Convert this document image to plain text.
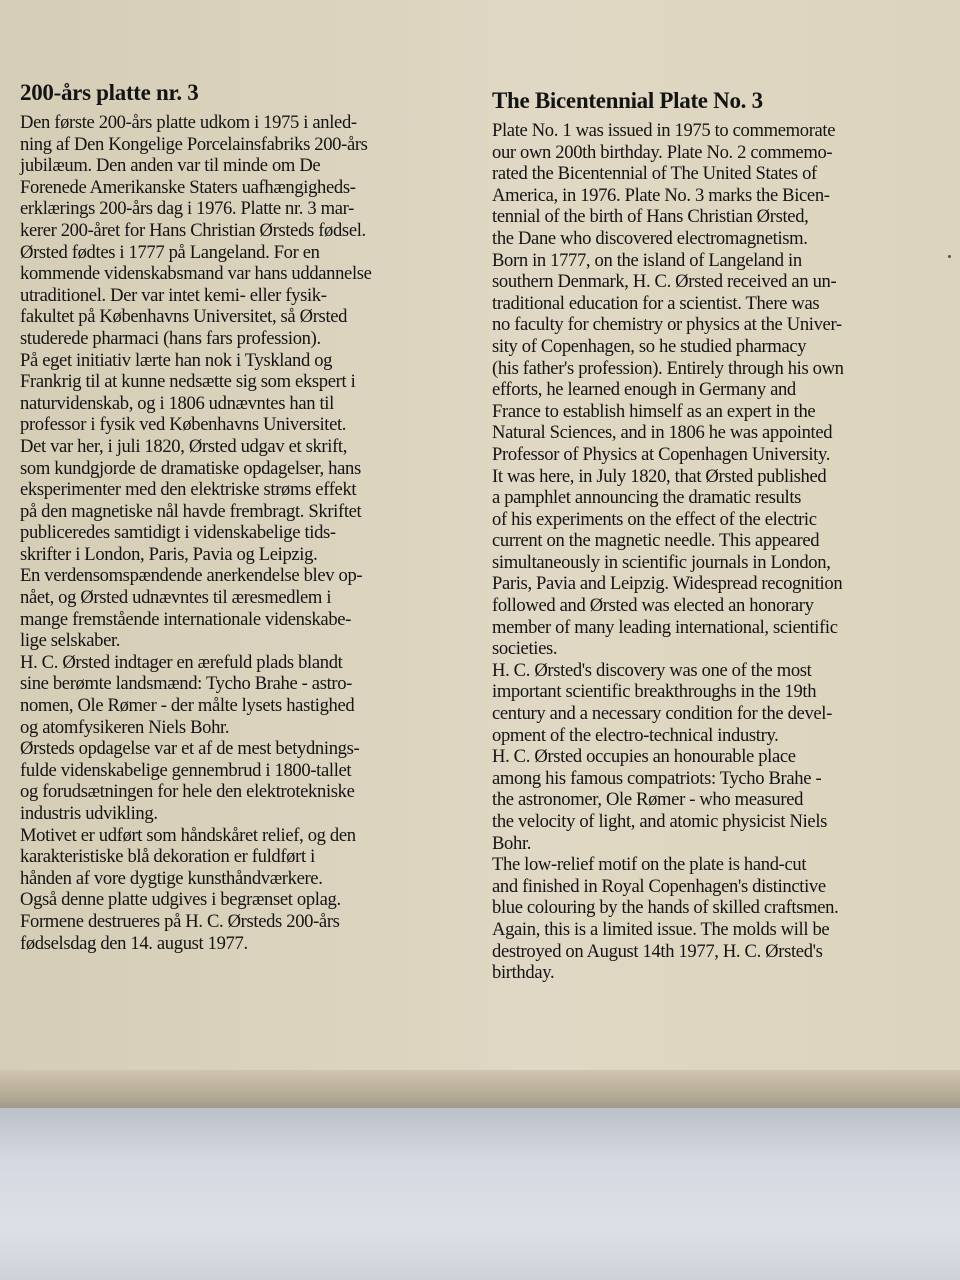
200-års platte nr. 3

Den første 200-års platte udkom i 1975 i anled-
ning af Den Kongelige Porcelainsfabriks 200-års
jubilæum. Den anden var til minde om De
Forenede Amerikanske Staters uafhængigheds-
erklærings 200-års dag i 1976. Platte nr. 3 mar-
kerer 200-året for Hans Christian Ørsteds fødsel.
Ørsted fødtes i 1777 på Langeland. For en
kommende videnskabsmand var hans uddannelse
utraditionel. Der var intet kemi- eller fysik-
fakultet på Københavns Universitet, så Ørsted
studerede pharmaci (hans fars profession).
På eget initiativ lærte han nok i Tyskland og
Frankrig til at kunne nedsætte sig som ekspert i
naturvidenskab, og i 1806 udnævntes han til
professor i fysik ved Københavns Universitet.
Det var her, i juli 1820, Ørsted udgav et skrift,
som kundgjorde de dramatiske opdagelser, hans
eksperimenter med den elektriske strøms effekt
på den magnetiske nål havde frembragt. Skriftet
publiceredes samtidigt i videnskabelige tids-
skrifter i London, Paris, Pavia og Leipzig.
En verdensomspændende anerkendelse blev op-
nået, og Ørsted udnævntes til æresmedlem i
mange fremstående internationale videnskabe-
lige selskaber.
H. C. Ørsted indtager en ærefuld plads blandt
sine berømte landsmænd: Tycho Brahe - astro-
nomen, Ole Rømer - der målte lysets hastighed
og atomfysikeren Niels Bohr.
Ørsteds opdagelse var et af de mest betydnings-
fulde videnskabelige gennembrud i 1800-tallet
og forudsætningen for hele den elektrotekniske
industris udvikling.
Motivet er udført som håndskåret relief, og den
karakteristiske blå dekoration er fuldført i
hånden af vore dygtige kunsthåndværkere.
Også denne platte udgives i begrænset oplag.
Formene destrueres på H. C. Ørsteds 200-års
fødselsdag den 14. august 1977.

The Bicentennial Plate No. 3

Plate No. 1 was issued in 1975 to commemorate
our own 200th birthday. Plate No. 2 commemo-
rated the Bicentennial of The United States of
America, in 1976. Plate No. 3 marks the Bicen-
tennial of the birth of Hans Christian Ørsted,
the Dane who discovered electromagnetism.
Born in 1777, on the island of Langeland in
southern Denmark, H. C. Ørsted received an un-
traditional education for a scientist. There was
no faculty for chemistry or physics at the Univer-
sity of Copenhagen, so he studied pharmacy
(his father's profession). Entirely through his own
efforts, he learned enough in Germany and
France to establish himself as an expert in the
Natural Sciences, and in 1806 he was appointed
Professor of Physics at Copenhagen University.
It was here, in July 1820, that Ørsted published
a pamphlet announcing the dramatic results
of his experiments on the effect of the electric
current on the magnetic needle. This appeared
simultaneously in scientific journals in London,
Paris, Pavia and Leipzig. Widespread recognition
followed and Ørsted was elected an honorary
member of many leading international, scientific
societies.
H. C. Ørsted's discovery was one of the most
important scientific breakthroughs in the 19th
century and a necessary condition for the devel-
opment of the electro-technical industry.
H. C. Ørsted occupies an honourable place
among his famous compatriots: Tycho Brahe -
the astronomer, Ole Rømer - who measured
the velocity of light, and atomic physicist Niels
Bohr.
The low-relief motif on the plate is hand-cut
and finished in Royal Copenhagen's distinctive
blue colouring by the hands of skilled craftsmen.
Again, this is a limited issue. The molds will be
destroyed on August 14th 1977, H. C. Ørsted's
birthday.
